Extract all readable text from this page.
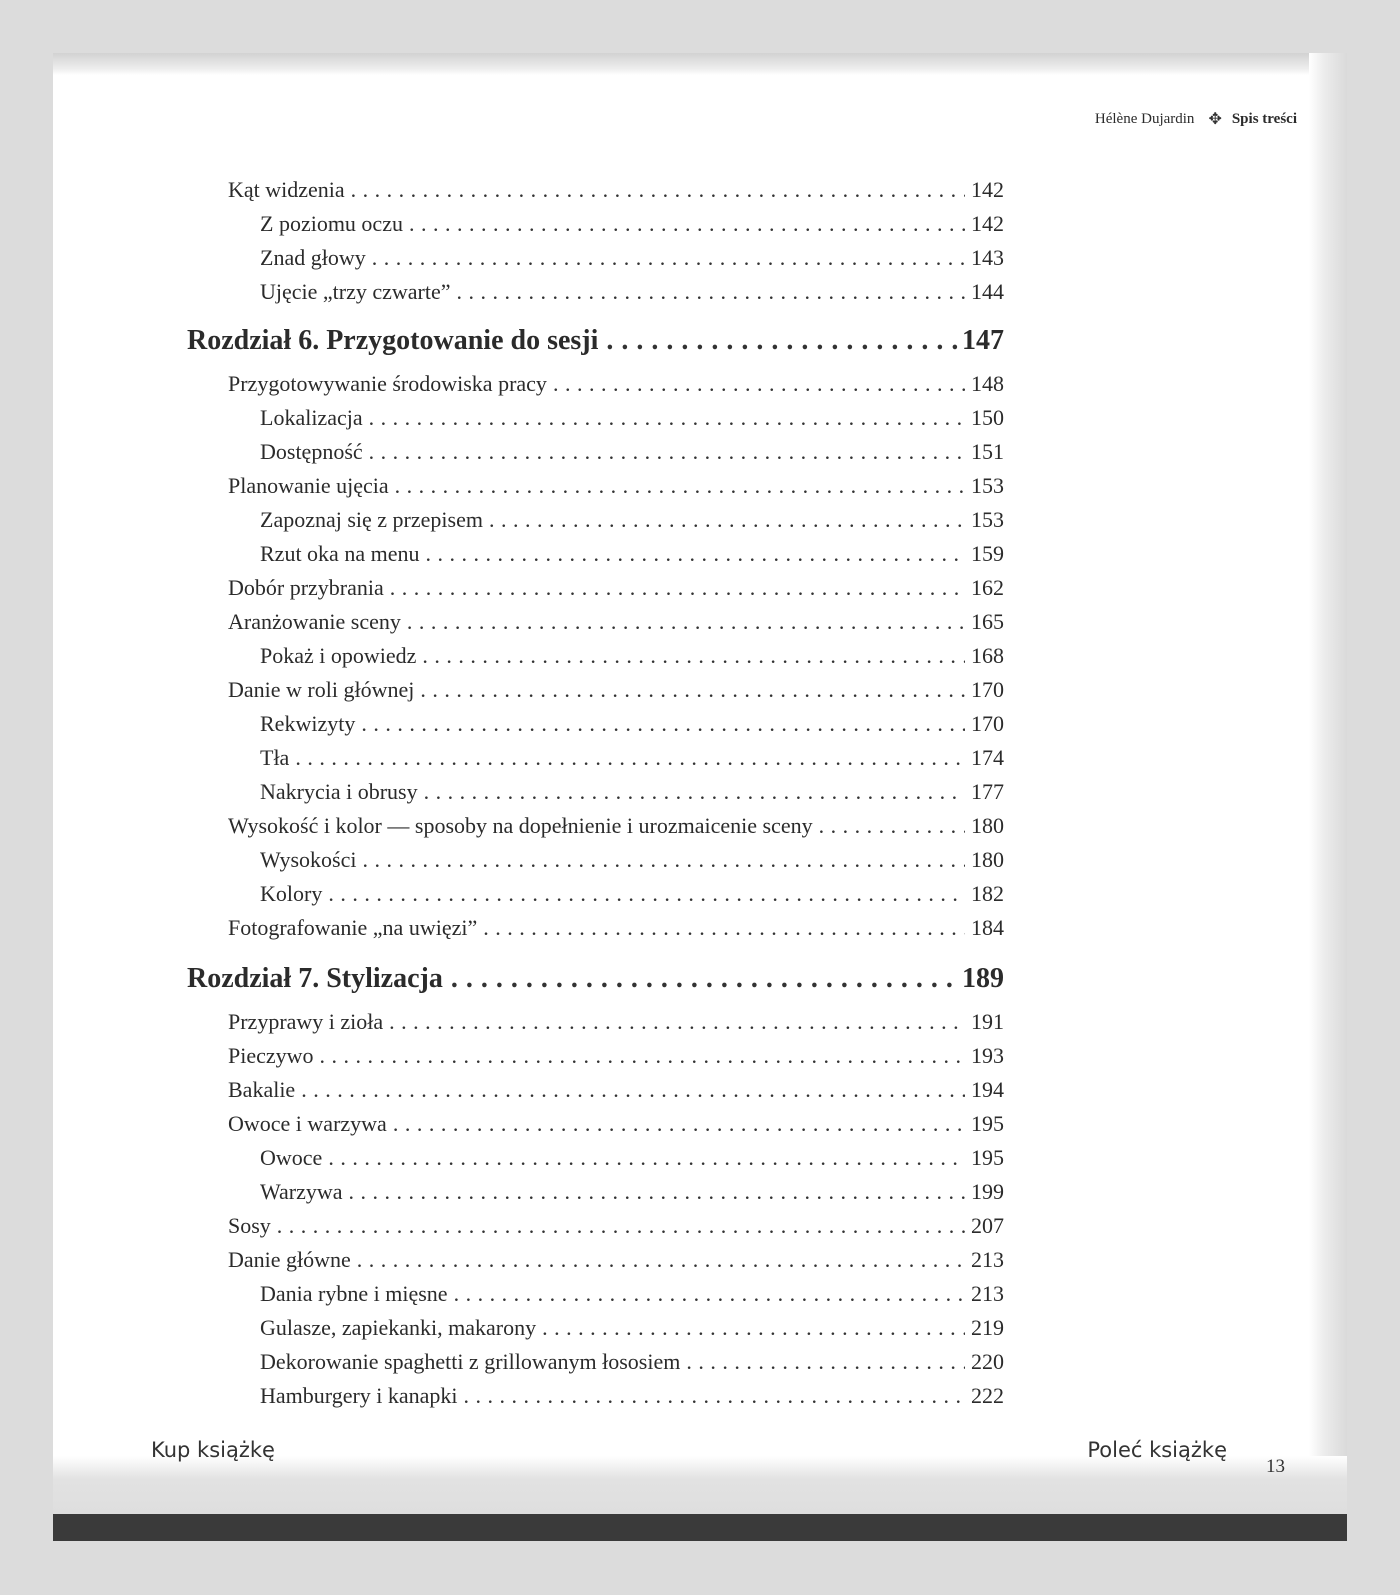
Hélène Dujardin ✥ Spis treści
Kąt widzenia . . .	142
Z poziomu oczu . . .	142
Znad głowy . . .	143
Ujęcie „trzy czwarte” . . .	144
Rozdział 6. Przygotowanie do sesji . . .	147
Przygotowywanie środowiska pracy . . .	148
Lokalizacja . . .	150
Dostępność . . .	151
Planowanie ujęcia . . .	153
Zapoznaj się z przepisem . . .	153
Rzut oka na menu . . .	159
Dobór przybrania . . .	162
Aranżowanie sceny . . .	165
Pokaż i opowiedz . . .	168
Danie w roli głównej . . .	170
Rekwizyty . . .	170
Tła . . .	174
Nakrycia i obrusy . . .	177
Wysokość i kolor — sposoby na dopełnienie i urozmaicenie sceny . . .	180
Wysokości . . .	180
Kolory . . .	182
Fotografowanie „na uwięzi” . . .	184
Rozdział 7. Stylizacja . . .	189
Przyprawy i zioła . . .	191
Pieczywo . . .	193
Bakalie . . .	194
Owoce i warzywa . . .	195
Owoce . . .	195
Warzywa . . .	199
Sosy . . .	207
Danie główne . . .	213
Dania rybne i mięsne . . .	213
Gulasze, zapiekanki, makarony . . .	219
Dekorowanie spaghetti z grillowanym łososiem . . .	220
Hamburgery i kanapki . . .	222
Kup książkę	Poleć książkę
13
